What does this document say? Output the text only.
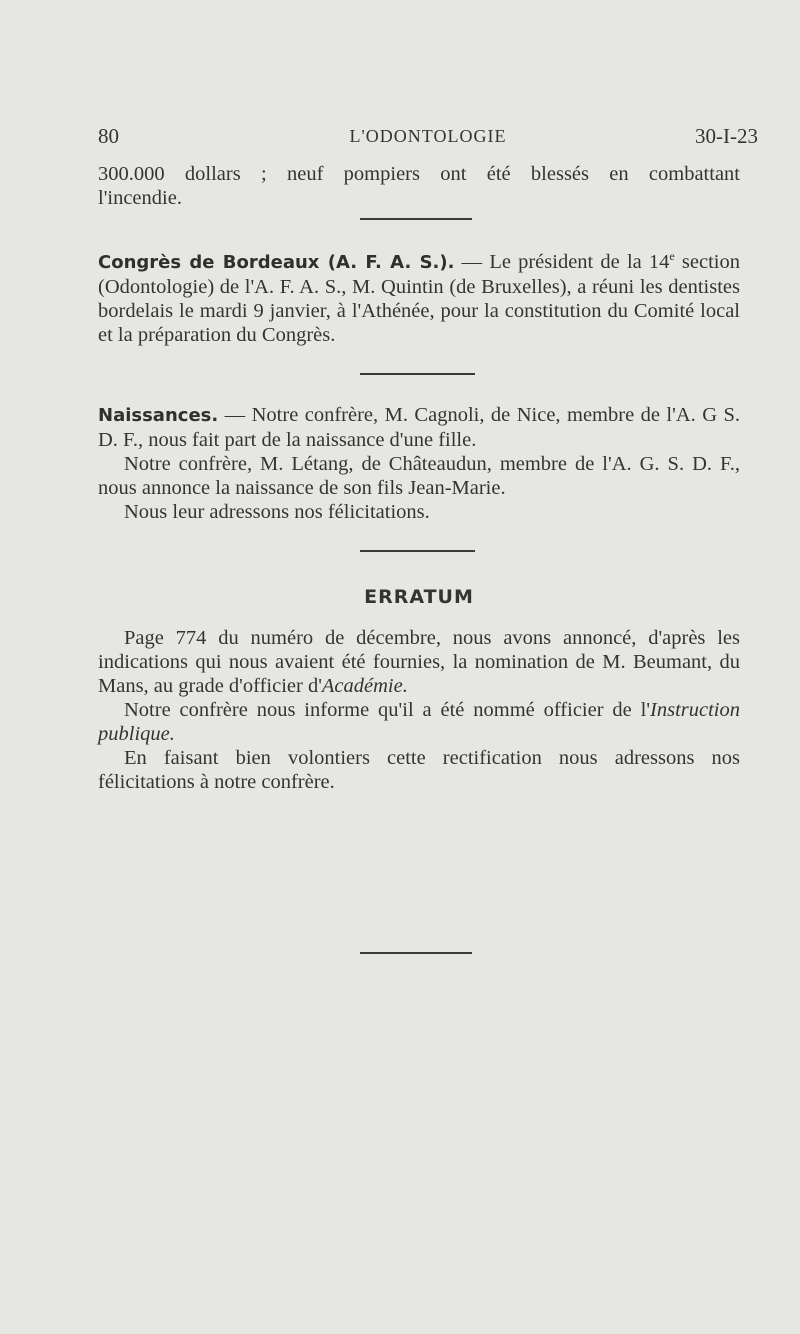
80	L'ODONTOLOGIE	30-I-23

300.000 dollars ; neuf pompiers ont été blessés en combattant

l'incendie.

Congrès de Bordeaux (A. F. A. S.). — Le président de la 14e section (Odontologie) de l'A. F. A. S., M. Quintin (de Bruxelles), a réuni les dentistes bordelais le mardi 9 janvier, à l'Athénée, pour la constitution du Comité local et la préparation du Congrès.

Naissances. — Notre confrère, M. Cagnoli, de Nice, membre de l'A. G S. D. F., nous fait part de la naissance d'une fille.

Notre confrère, M. Létang, de Châteaudun, membre de l'A. G. S. D. F., nous annonce la naissance de son fils Jean-Marie.

Nous leur adressons nos félicitations.

ERRATUM

Page 774 du numéro de décembre, nous avons annoncé, d'après les indications qui nous avaient été fournies, la nomination de M. Beumant, du Mans, au grade d'officier d'Académie.

Notre confrère nous informe qu'il a été nommé officier de l'Instruction publique.

En faisant bien volontiers cette rectification nous adressons nos félicitations à notre confrère.
